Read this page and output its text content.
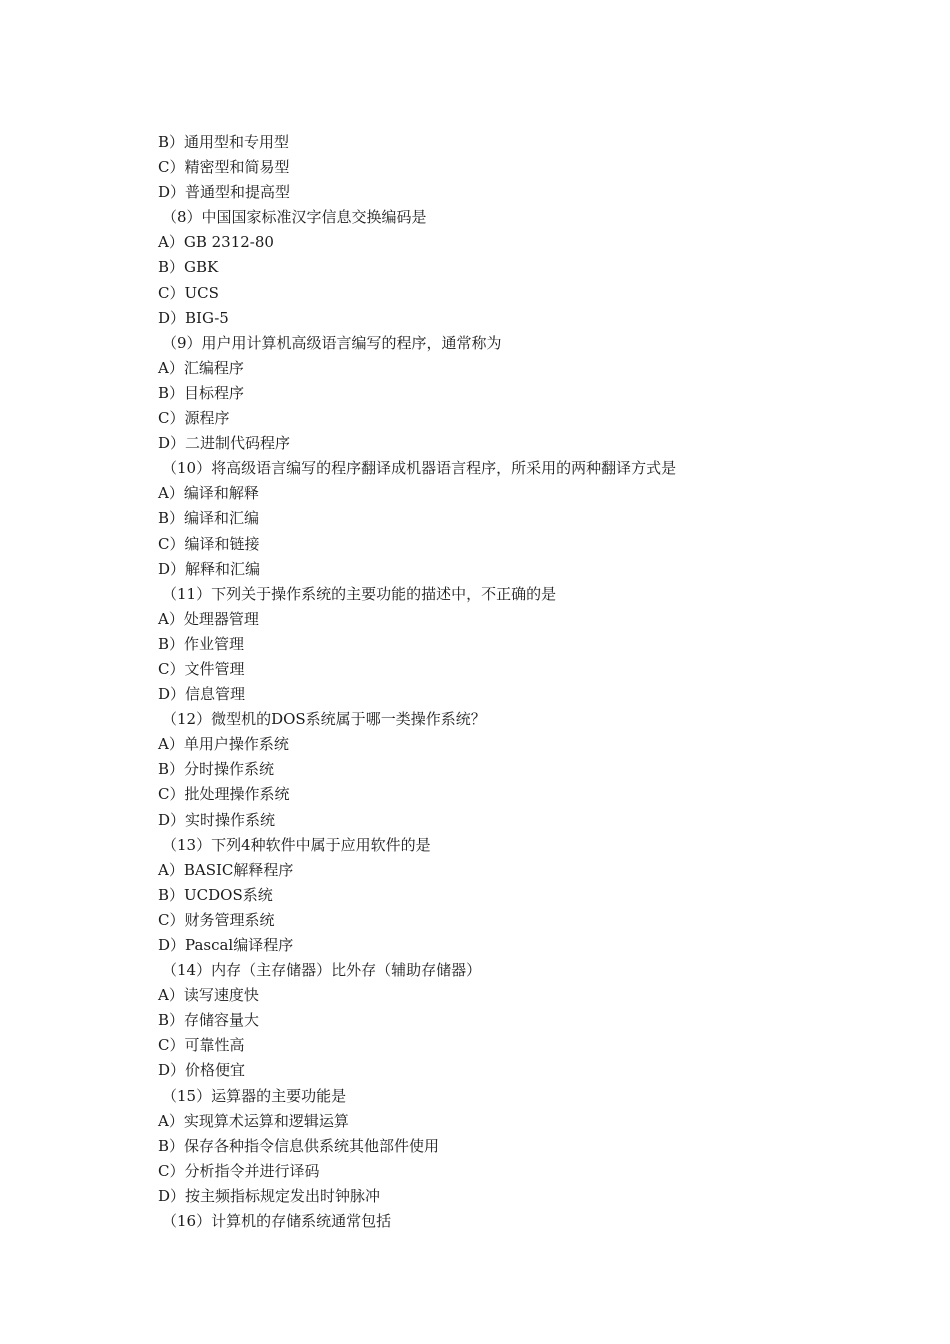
B）通用型和专用型
C）精密型和简易型
D）普通型和提高型
（8）中国国家标准汉字信息交换编码是
A）GB 2312-80
B）GBK
C）UCS
D）BIG-5
（9）用户用计算机高级语言编写的程序，通常称为
A）汇编程序
B）目标程序
C）源程序
D）二进制代码程序
（10）将高级语言编写的程序翻译成机器语言程序，所采用的两种翻译方式是
A）编译和解释
B）编译和汇编
C）编译和链接
D）解释和汇编
（11）下列关于操作系统的主要功能的描述中，不正确的是
A）处理器管理
B）作业管理
C）文件管理
D）信息管理
（12）微型机的DOS系统属于哪一类操作系统？
A）单用户操作系统
B）分时操作系统
C）批处理操作系统
D）实时操作系统
（13）下列4种软件中属于应用软件的是
A）BASIC解释程序
B）UCDOS系统
C）财务管理系统
D）Pascal编译程序
（14）内存（主存储器）比外存（辅助存储器）
A）读写速度快
B）存储容量大
C）可靠性高
D）价格便宜
（15）运算器的主要功能是
A）实现算术运算和逻辑运算
B）保存各种指令信息供系统其他部件使用
C）分析指令并进行译码
D）按主频指标规定发出时钟脉冲
（16）计算机的存储系统通常包括
